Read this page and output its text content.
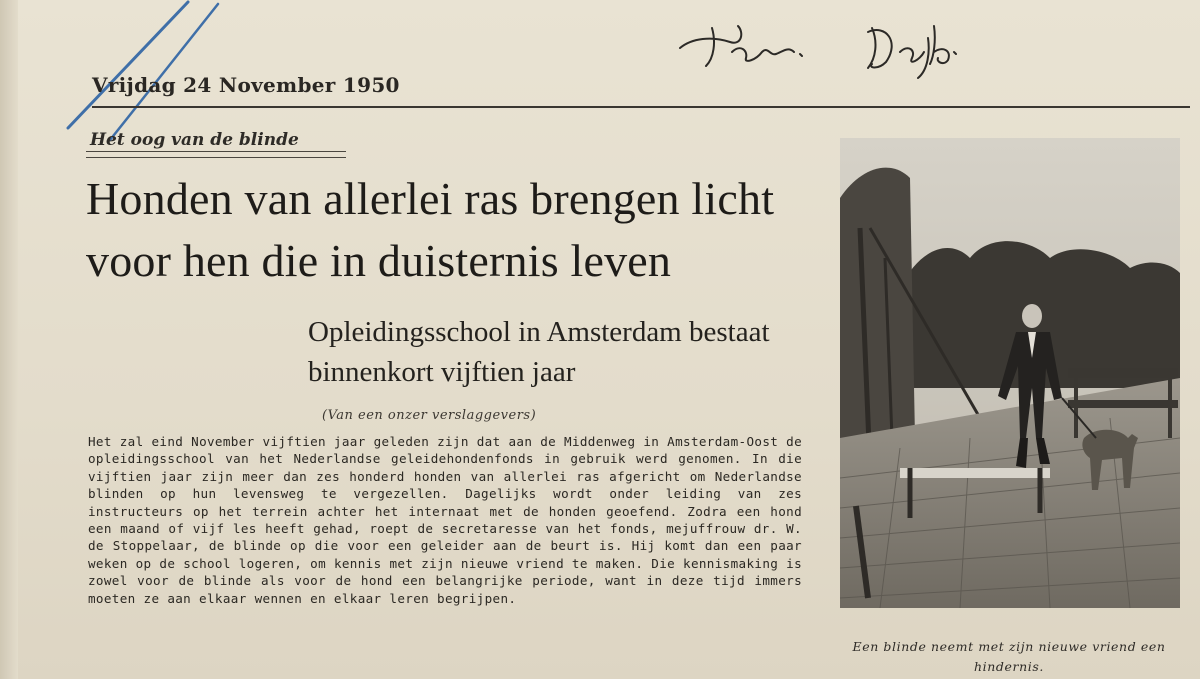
Vrijdag 24 November 1950
Het oog van de blinde
Honden van allerlei ras brengen licht voor hen die in duisternis leven
Opleidingsschool in Amsterdam bestaat binnenkort vijftien jaar
(Van een onzer verslaggevers)
Het zal eind November vijftien jaar geleden zijn dat aan de Middenweg in Amsterdam-Oost de opleidingsschool van het Nederlandse geleidehondenfonds in gebruik werd genomen. In die vijftien jaar zijn meer dan zes honderd honden van allerlei ras afgericht om Nederlandse blinden op hun levensweg te vergezellen. Dagelijks wordt onder leiding van zes instructeurs op het terrein achter het internaat met de honden geoefend. Zodra een hond een maand of vijf les heeft gehad, roept de secretaresse van het fonds, mejuffrouw dr. W. de Stoppelaar, de blinde op die voor een geleider aan de beurt is. Hij komt dan een paar weken op de school logeren, om kennis met zijn nieuwe vriend te maken. Die kennismaking is zowel voor de blinde als voor de hond een belangrijke periode, want in deze tijd immers moeten ze aan elkaar wennen en elkaar leren begrijpen.
Een blinde neemt met zijn nieuwe vriend een hindernis.
